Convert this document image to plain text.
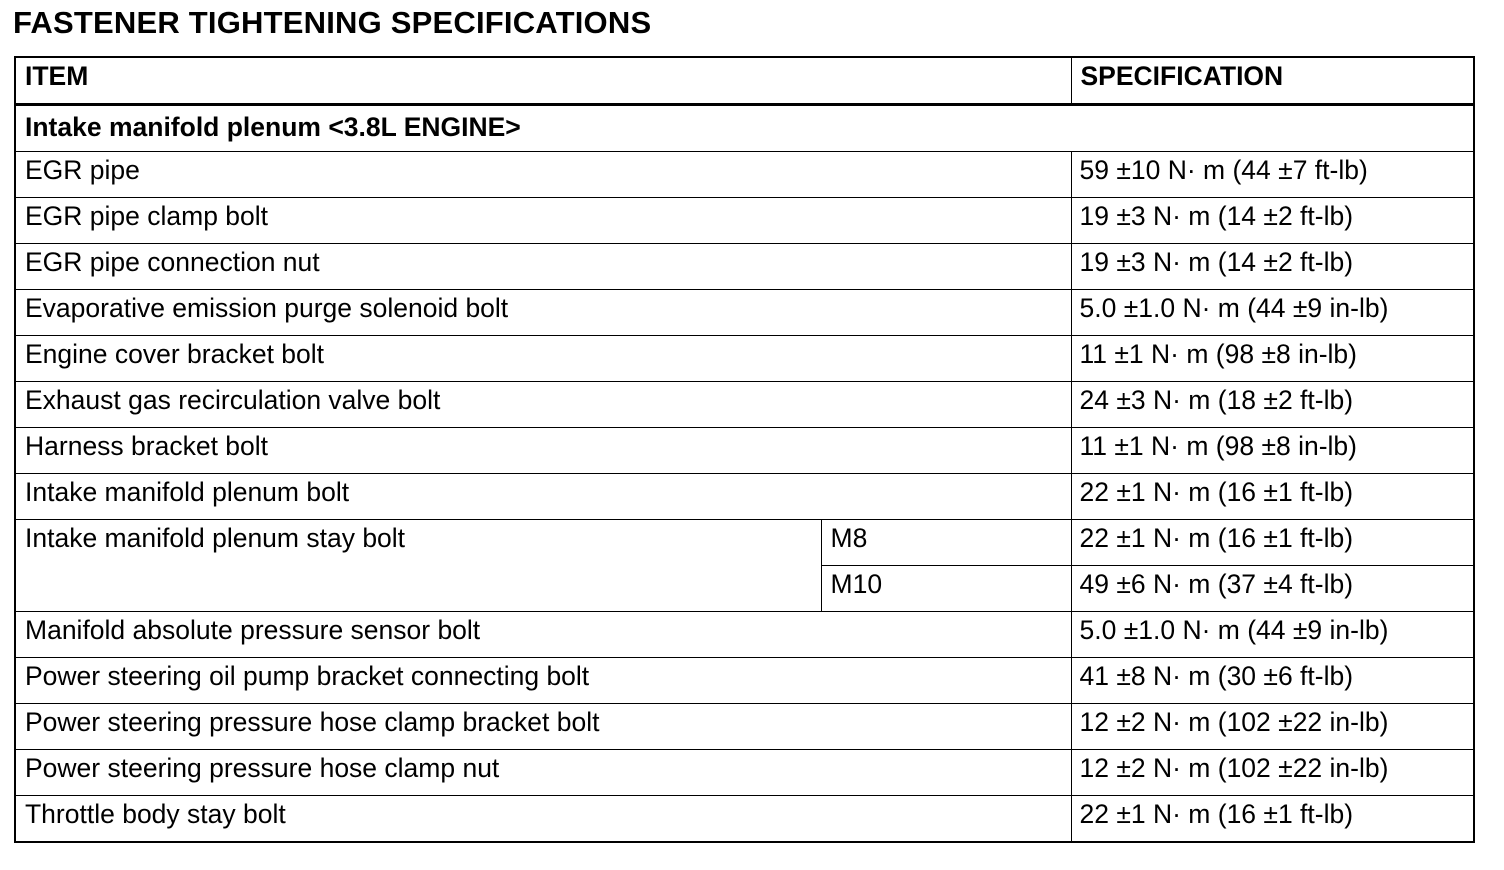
FASTENER TIGHTENING SPECIFICATIONS
ITEM		SPECIFICATION
Intake manifold plenum <3.8L ENGINE>		
EGR pipe		59 ±10 N· m (44 ±7 ft-lb)
EGR pipe clamp bolt		19 ±3 N· m (14 ±2 ft-lb)
EGR pipe connection nut		19 ±3 N· m (14 ±2 ft-lb)
Evaporative emission purge solenoid bolt		5.0 ±1.0 N· m (44 ±9 in-lb)
Engine cover bracket bolt		11 ±1 N· m (98 ±8 in-lb)
Exhaust gas recirculation valve bolt		24 ±3 N· m (18 ±2 ft-lb)
Harness bracket bolt		11 ±1 N· m (98 ±8 in-lb)
Intake manifold plenum bolt		22 ±1 N· m (16 ±1 ft-lb)
Intake manifold plenum stay bolt	M8	22 ±1 N· m (16 ±1 ft-lb)
	M10	49 ±6 N· m (37 ±4 ft-lb)
Manifold absolute pressure sensor bolt		5.0 ±1.0 N· m (44 ±9 in-lb)
Power steering oil pump bracket connecting bolt		41 ±8 N· m (30 ±6 ft-lb)
Power steering pressure hose clamp bracket bolt		12 ±2 N· m (102 ±22 in-lb)
Power steering pressure hose clamp nut		12 ±2 N· m (102 ±22 in-lb)
Throttle body stay bolt		22 ±1 N· m (16 ±1 ft-lb)
